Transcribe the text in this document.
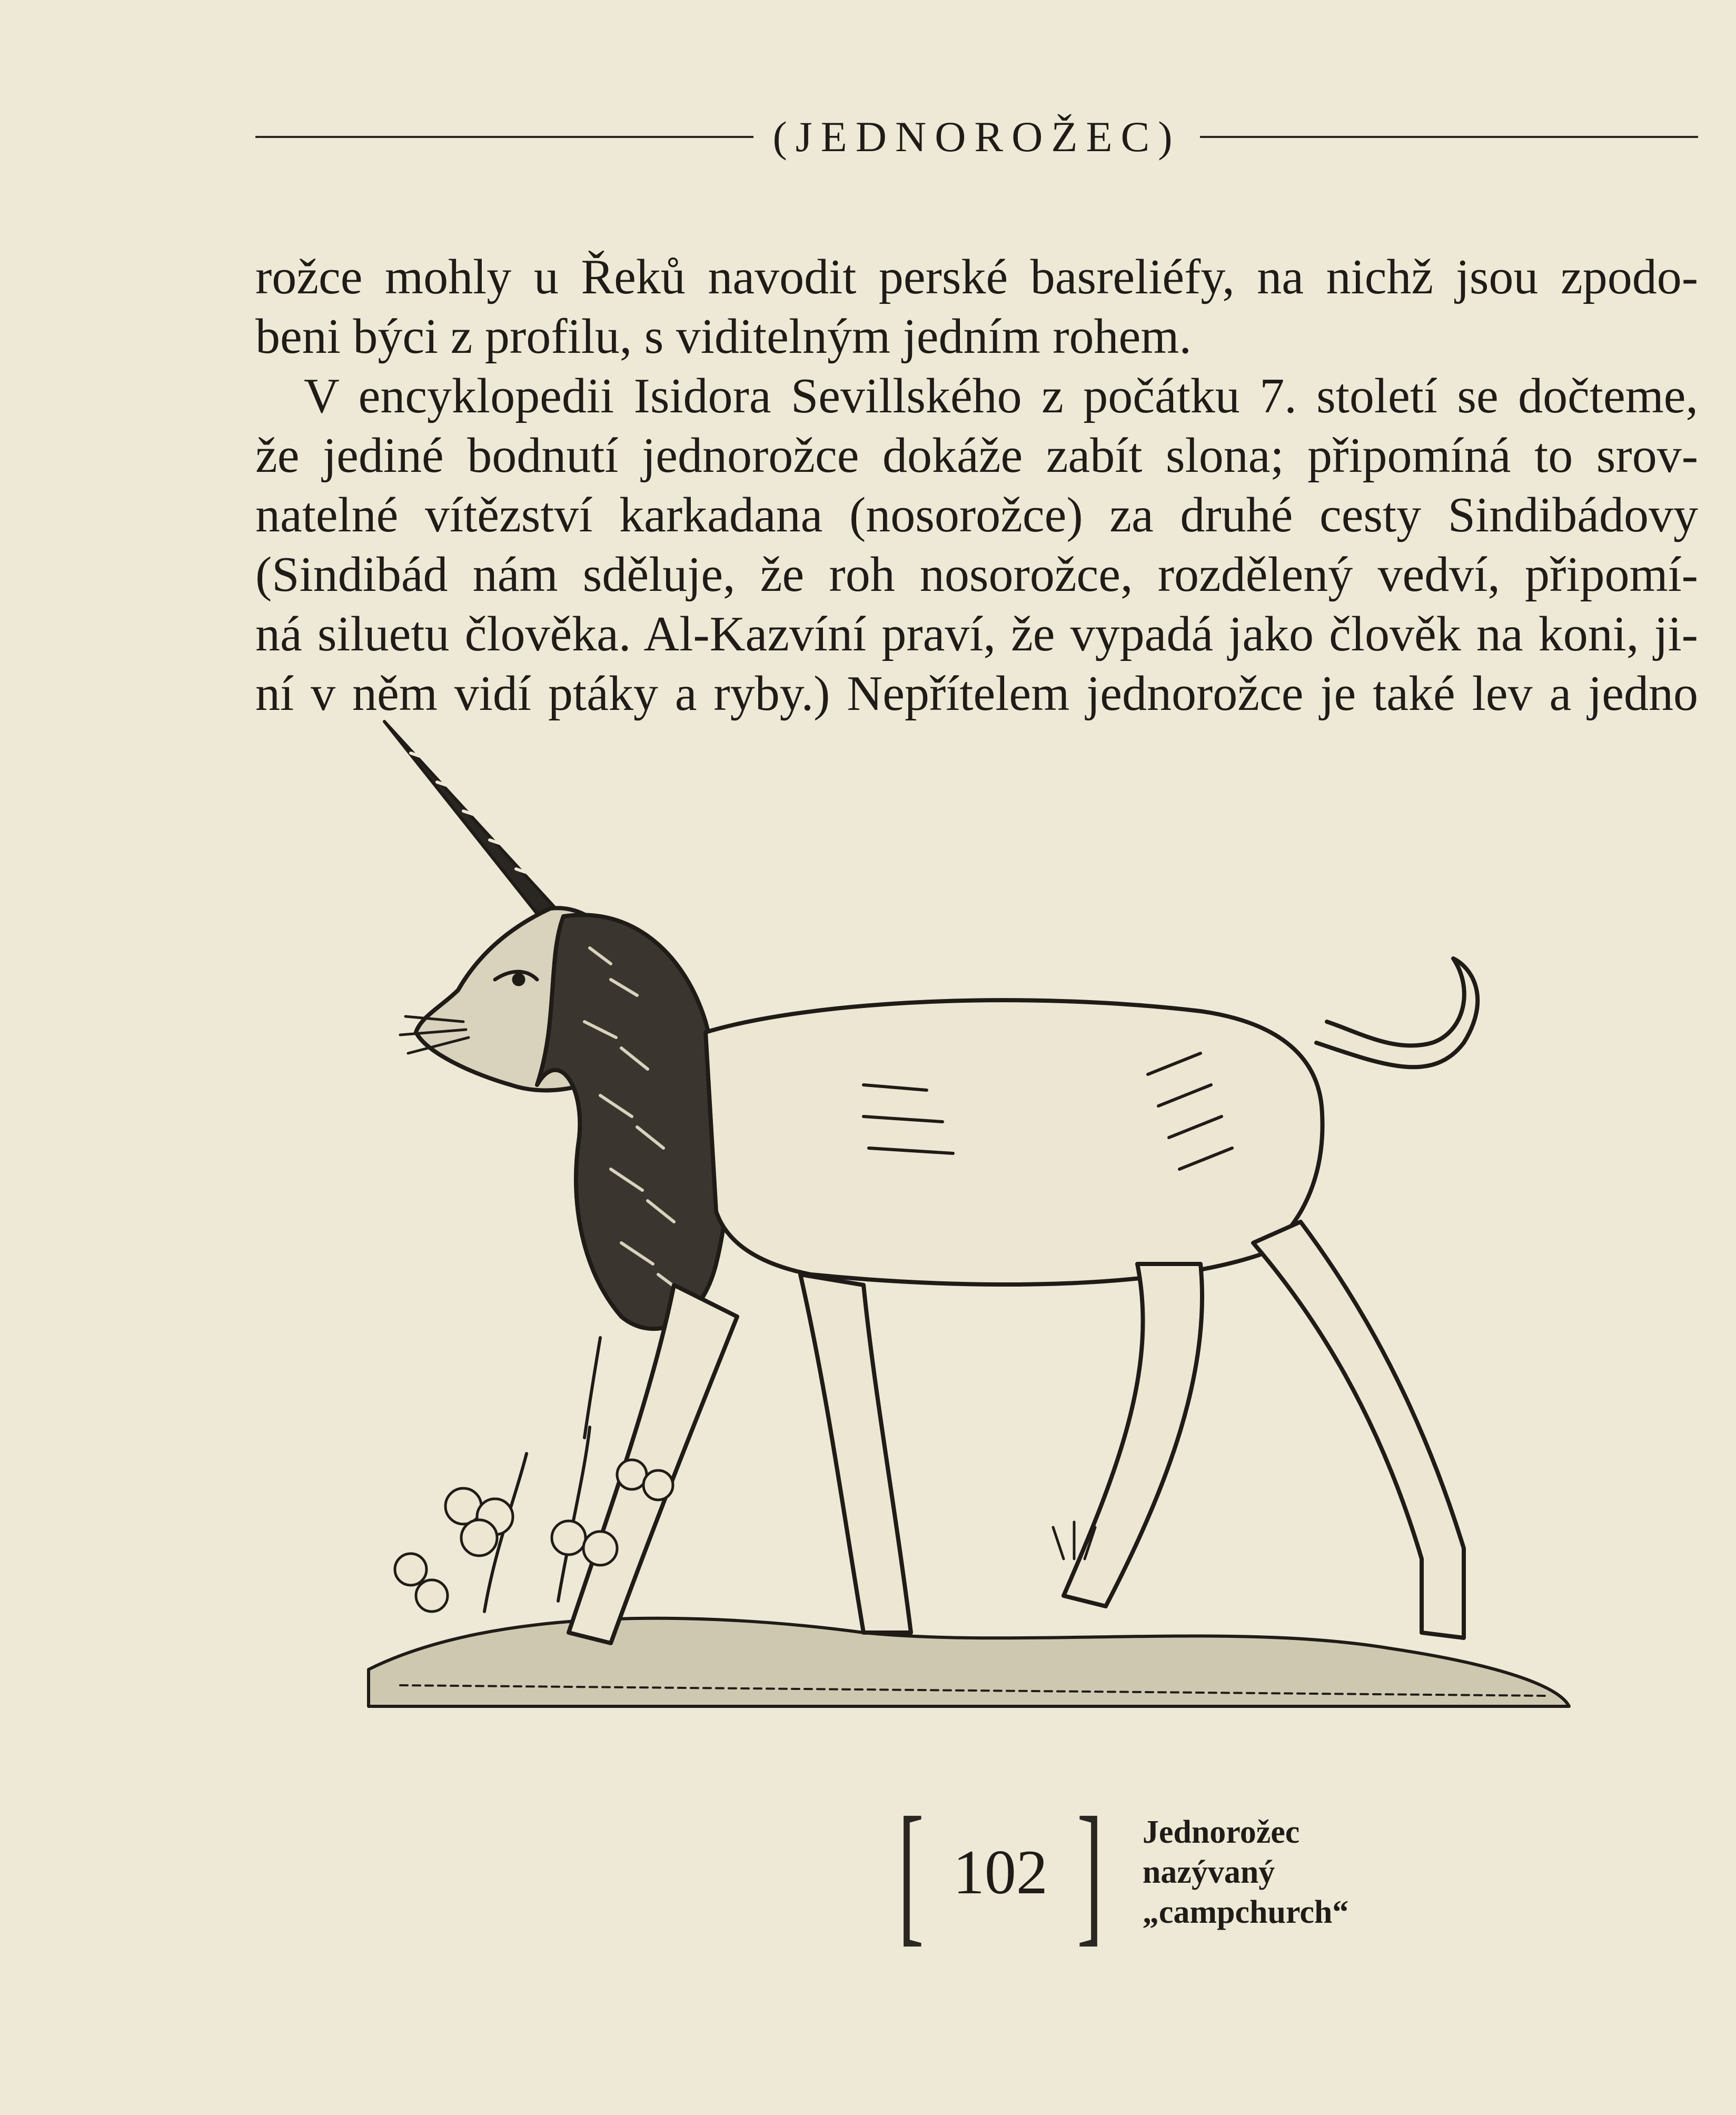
(JEDNOROŽEC)
rožce mohly u Řeků navodit perské basreliéfy, na nichž jsou zpodo-
beni býci z profilu, s viditelným jedním rohem.
V encyklopedii Isidora Sevillského z počátku 7. století se dočteme,
že jediné bodnutí jednorožce dokáže zabít slona; připomíná to srov-
natelné vítězství karkadana (nosorožce) za druhé cesty Sindibádovy
(Sindibád nám sděluje, že roh nosorožce, rozdělený vedví, připomí-
ná siluetu člověka. Al-Kazvíní praví, že vypadá jako člověk na koni, ji-
ní v něm vidí ptáky a ryby.) Nepřítelem jednorožce je také lev a jedno
[ 102 ] Jednorožec
nazývaný
„campchurch“
